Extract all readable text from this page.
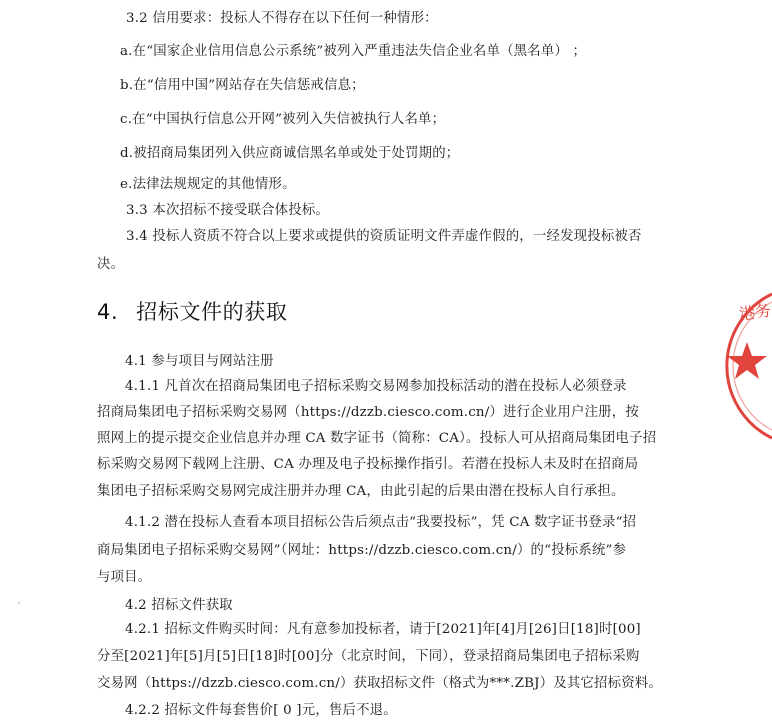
3.2 信用要求：投标人不得存在以下任何一种情形：
a.在“国家企业信用信息公示系统”被列入严重违法失信企业名单（黑名单） ；
b.在“信用中国”网站存在失信惩戒信息；
c.在“中国执行信息公开网”被列入失信被执行人名单；
d.被招商局集团列入供应商诚信黑名单或处于处罚期的；
e.法律法规规定的其他情形。
3.3 本次招标不接受联合体投标。
3.4 投标人资质不符合以上要求或提供的资质证明文件弄虚作假的，一经发现投标被否
决。
4. 招标文件的获取
4.1 参与项目与网站注册
4.1.1 凡首次在招商局集团电子招标采购交易网参加投标活动的潜在投标人必须登录
招商局集团电子招标采购交易网（https://dzzb.ciesco.com.cn/）进行企业用户注册，按
照网上的提示提交企业信息并办理 CA 数字证书（简称：CA）。投标人可从招商局集团电子招
标采购交易网下载网上注册、CA 办理及电子投标操作指引。若潜在投标人未及时在招商局
集团电子招标采购交易网完成注册并办理 CA，由此引起的后果由潜在投标人自行承担。
4.1.2 潜在投标人查看本项目招标公告后须点击“我要投标”，凭 CA 数字证书登录“招
商局集团电子招标采购交易网”（网址：https://dzzb.ciesco.com.cn/）的“投标系统”参
与项目。
4.2 招标文件获取
4.2.1 招标文件购买时间：凡有意参加投标者，请于[2021]年[4]月[26]日[18]时[00]
分至[2021]年[5]月[5]日[18]时[00]分（北京时间，下同），登录招商局集团电子招标采购
交易网（https://dzzb.ciesco.com.cn/）获取招标文件（格式为***.ZBJ）及其它招标资料。
4.2.2 招标文件每套售价[ 0 ]元，售后不退。
港务
